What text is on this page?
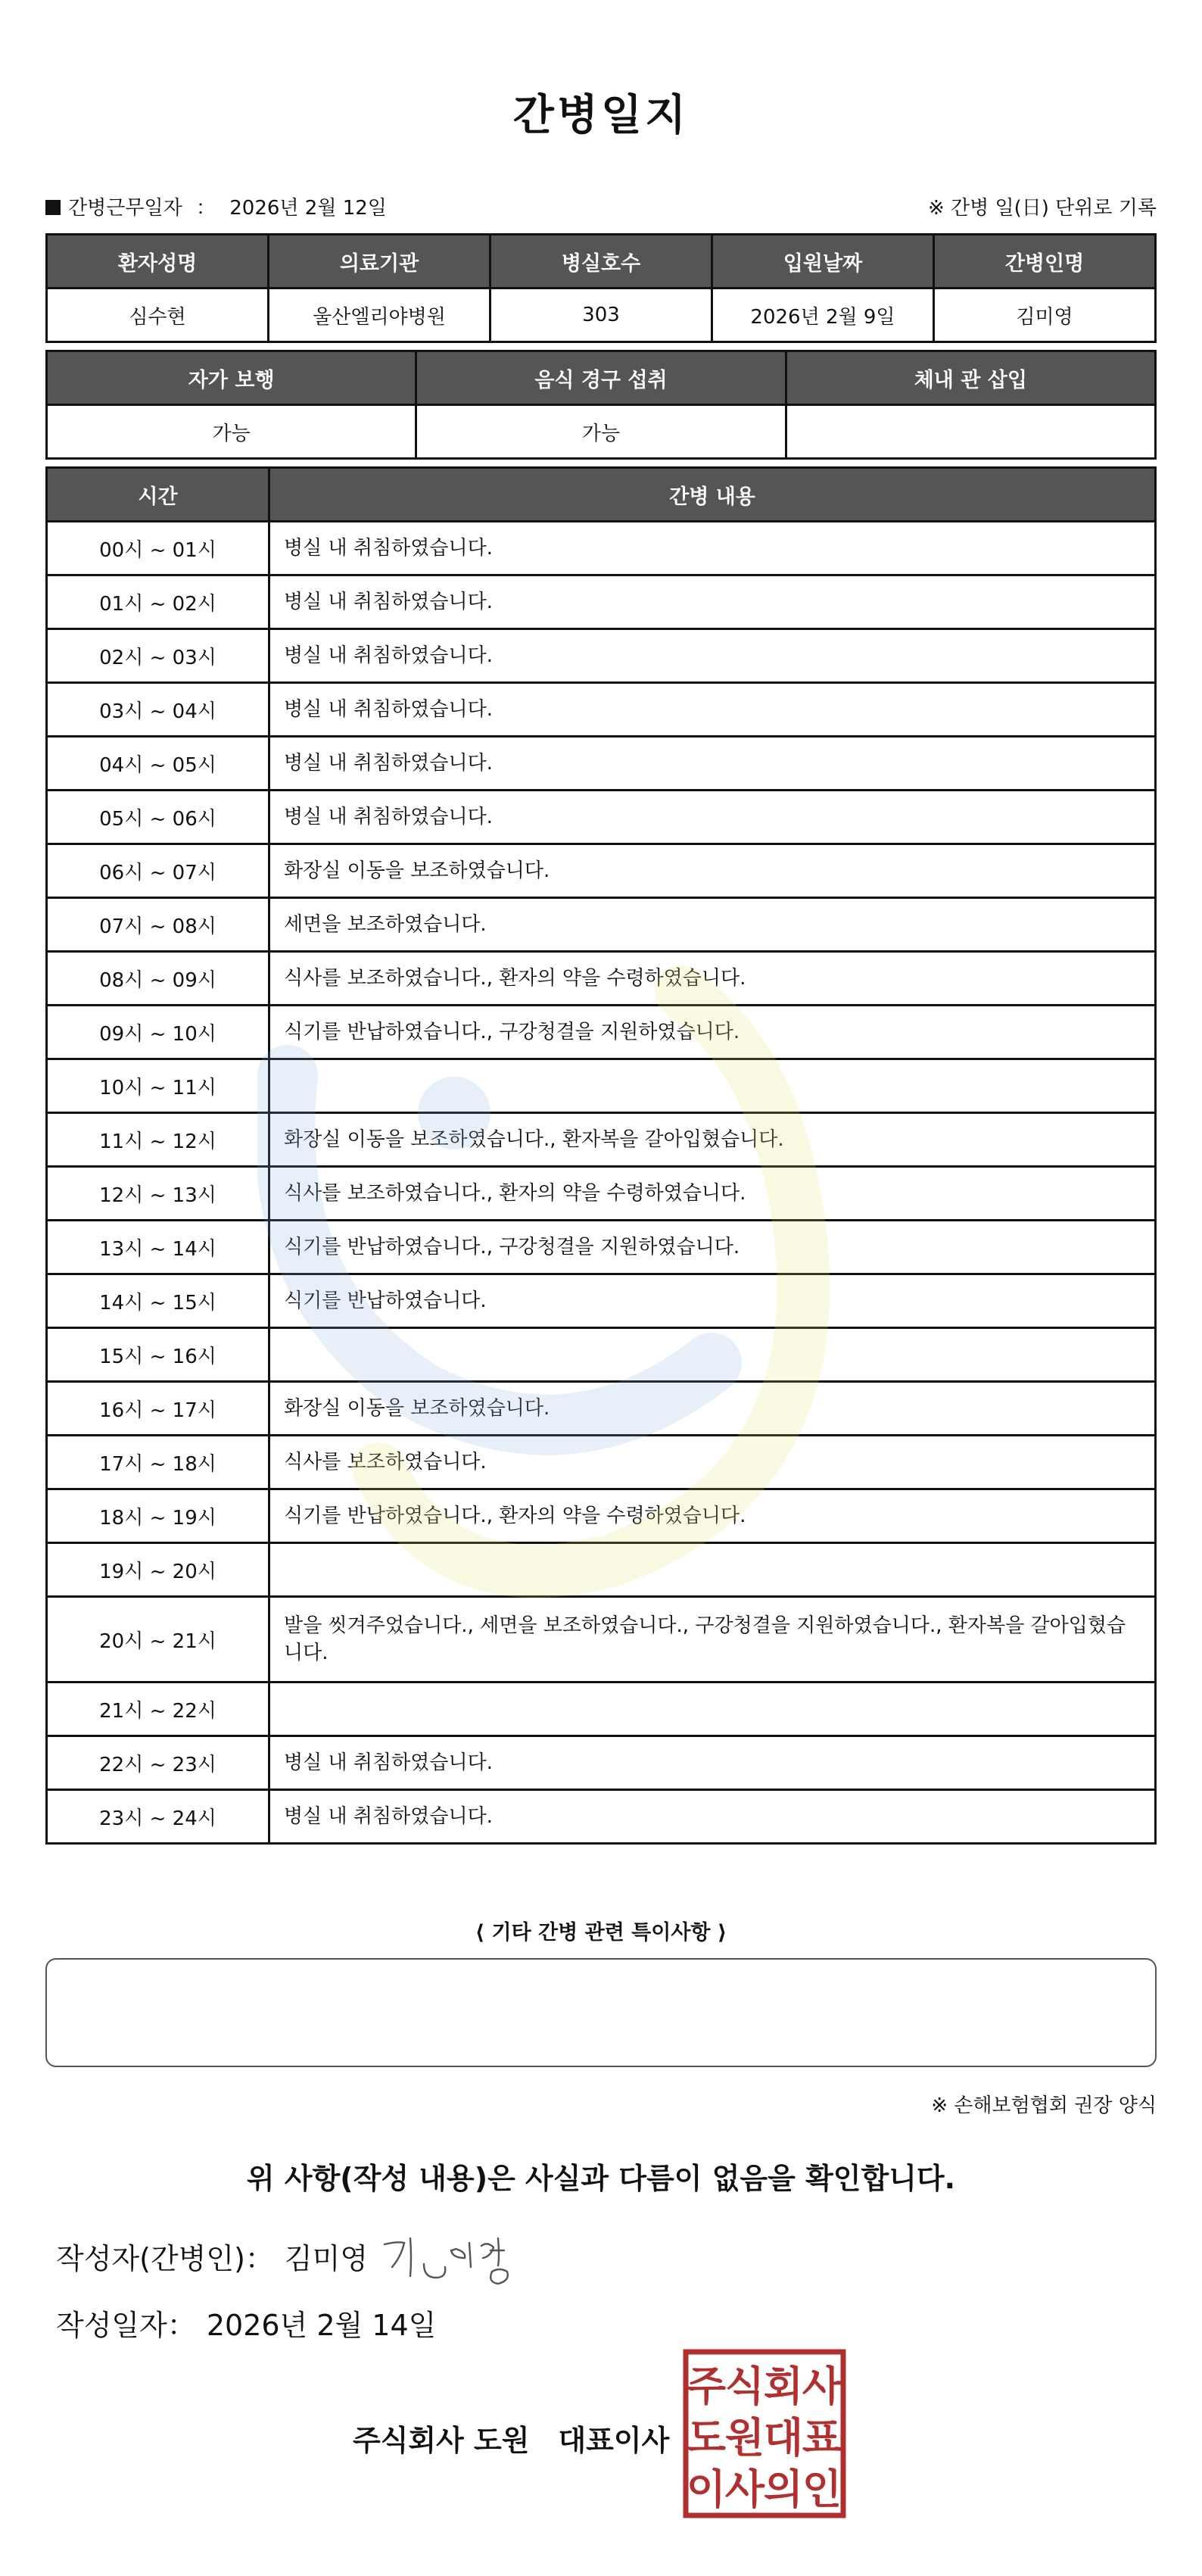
간병일지
간병근무일자 ： 2026년 2월 12일	※ 간병 일(日) 단위로 기록
환자성명	의료기관	병실호수	입원날짜	간병인명
심수현	울산엘리야병원	303	2026년 2월 9일	김미영
자가 보행	음식 경구 섭취	체내 관 삽입
가능	가능	
시간	간병 내용
00시 ~ 01시	병실 내 취침하였습니다.
01시 ~ 02시	병실 내 취침하였습니다.
02시 ~ 03시	병실 내 취침하였습니다.
03시 ~ 04시	병실 내 취침하였습니다.
04시 ~ 05시	병실 내 취침하였습니다.
05시 ~ 06시	병실 내 취침하였습니다.
06시 ~ 07시	화장실 이동을 보조하였습니다.
07시 ~ 08시	세면을 보조하였습니다.
08시 ~ 09시	식사를 보조하였습니다., 환자의 약을 수령하였습니다.
09시 ~ 10시	식기를 반납하였습니다., 구강청결을 지원하였습니다.
10시 ~ 11시	
11시 ~ 12시	화장실 이동을 보조하였습니다., 환자복을 갈아입혔습니다.
12시 ~ 13시	식사를 보조하였습니다., 환자의 약을 수령하였습니다.
13시 ~ 14시	식기를 반납하였습니다., 구강청결을 지원하였습니다.
14시 ~ 15시	식기를 반납하였습니다.
15시 ~ 16시	
16시 ~ 17시	화장실 이동을 보조하였습니다.
17시 ~ 18시	식사를 보조하였습니다.
18시 ~ 19시	식기를 반납하였습니다., 환자의 약을 수령하였습니다.
19시 ~ 20시	
20시 ~ 21시	발을 씻겨주었습니다., 세면을 보조하였습니다., 구강청결을 지원하였습니다., 환자복을 갈아입혔습니다.
21시 ~ 22시	
22시 ~ 23시	병실 내 취침하였습니다.
23시 ~ 24시	병실 내 취침하였습니다.
⟨ 기타 간병 관련 특이사항 ⟩
※ 손해보험협회 권장 양식
위 사항(작성 내용)은 사실과 다름이 없음을 확인합니다.
작성자(간병인)： 김미영
작성일자： 2026년 2월 14일
주식회사 도원　대표이사
주
식
회
사
도
원
대
표
이
사
의
인
